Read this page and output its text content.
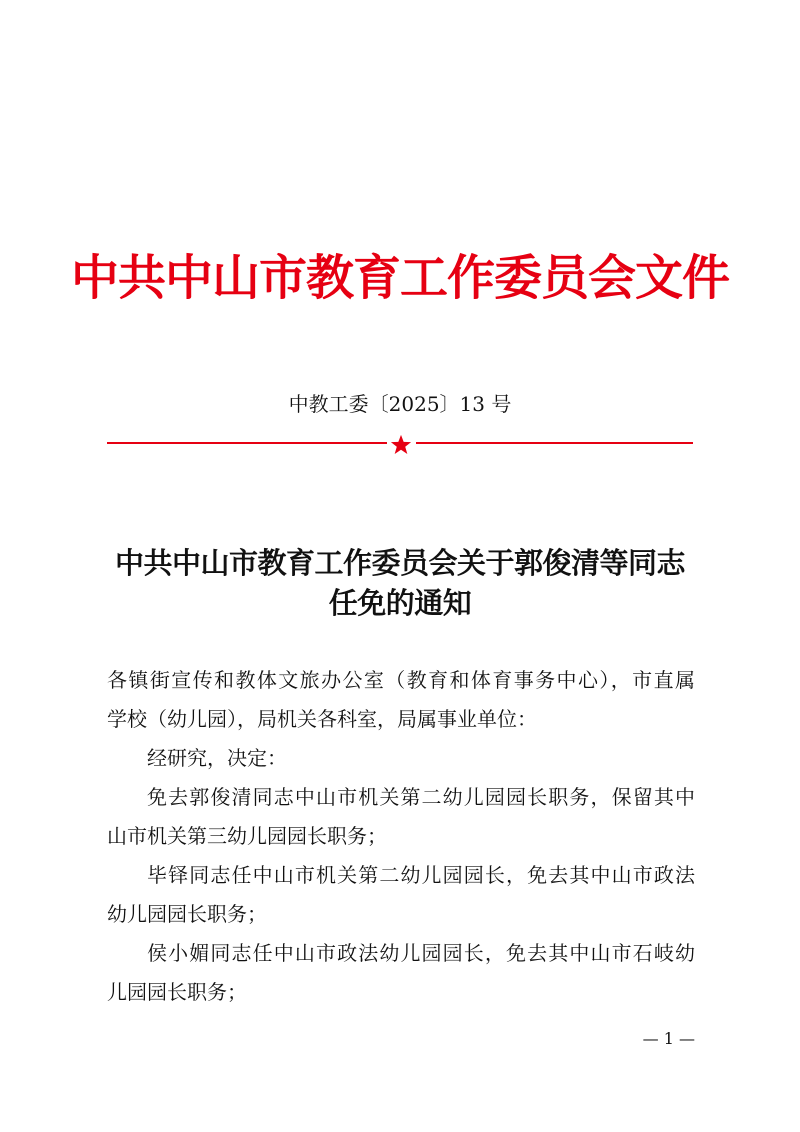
中共中山市教育工作委员会文件
中教工委〔2025〕13 号
中共中山市教育工作委员会关于郭俊清等同志
任免的通知
各镇街宣传和教体文旅办公室（教育和体育事务中心），市直属
学校（幼儿园），局机关各科室，局属事业单位：
经研究，决定：
免去郭俊清同志中山市机关第二幼儿园园长职务，保留其中
山市机关第三幼儿园园长职务；
毕铎同志任中山市机关第二幼儿园园长，免去其中山市政法
幼儿园园长职务；
侯小媚同志任中山市政法幼儿园园长，免去其中山市石岐幼
儿园园长职务；
— 1 —
